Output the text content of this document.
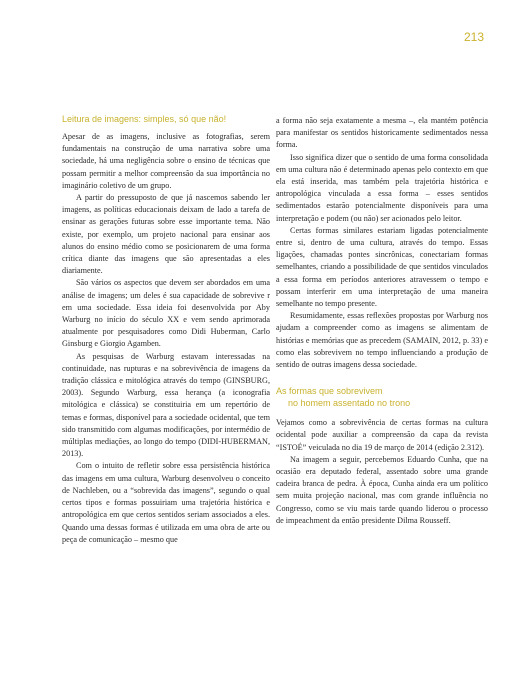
213
Leitura de imagens: simples, só que não!

Apesar de as imagens, inclusive as fotografias, serem fundamentais na construção de uma narrativa sobre uma sociedade, há uma negligência sobre o ensino de técnicas que possam permitir a melhor compreensão da sua importância no imaginário coletivo de um grupo.

A partir do pressuposto de que já nascemos sabendo ler imagens, as políticas educacionais deixam de lado a tarefa de ensinar as gerações futuras sobre esse importante tema. Não existe, por exemplo, um projeto nacional para ensinar aos alunos do ensino médio como se posicionarem de uma forma crítica diante das imagens que são apresentadas a eles diariamente.

São vários os aspectos que devem ser abordados em uma análise de imagens; um deles é sua capacidade de sobrevive r em uma sociedade. Essa ideia foi desenvolvida por Aby Warburg no início do século XX e vem sendo aprimorada atualmente por pesquisadores como Didi Huberman, Carlo Ginsburg e Giorgio Agamben.

As pesquisas de Warburg estavam interessadas na continuidade, nas rupturas e na sobrevivência de imagens da tradição clássica e mitológica através do tempo (GINSBURG, 2003). Segundo Warburg, essa herança (a iconografia mitológica e clássica) se constituiria em um repertório de temas e formas, disponível para a sociedade ocidental, que tem sido transmitido com algumas modificações, por intermédio de múltiplas mediações, ao longo do tempo (DIDI-HUBERMAN, 2013).

Com o intuito de refletir sobre essa persistência histórica das imagens em uma cultura, Warburg desenvolveu o conceito de Nachleben, ou a “sobrevida das imagens”, segundo o qual certos tipos e formas possuiriam uma trajetória histórica e antropológica em que certos sentidos seriam associados a eles. Quando uma dessas formas é utilizada em uma obra de arte ou peça de comunicação – mesmo que

a forma não seja exatamente a mesma –, ela mantém potência para manifestar os sentidos historicamente sedimentados nessa forma.

Isso significa dizer que o sentido de uma forma consolidada em uma cultura não é determinado apenas pelo contexto em que ela está inserida, mas também pela trajetória histórica e antropológica vinculada a essa forma – esses sentidos sedimentados estarão potencialmente disponíveis para uma interpretação e podem (ou não) ser acionados pelo leitor.

Certas formas similares estariam ligadas potencialmente entre si, dentro de uma cultura, através do tempo. Essas ligações, chamadas pontes sincrônicas, conectariam formas semelhantes, criando a possibilidade de que sentidos vinculados a essa forma em períodos anteriores atravessem o tempo e possam interferir em uma interpretação de uma maneira semelhante no tempo presente.

Resumidamente, essas reflexões propostas por Warburg nos ajudam a compreender como as imagens se alimentam de histórias e memórias que as precedem (SAMAIN, 2012, p. 33) e como elas sobrevivem no tempo influenciando a produção de sentido de outras imagens dessa sociedade.

As formas que sobrevivem
no homem assentado no trono

Vejamos como a sobrevivência de certas formas na cultura ocidental pode auxiliar a compreensão da capa da revista “ISTOÉ” veiculada no dia 19 de março de 2014 (edição 2.312).

Na imagem a seguir, percebemos Eduardo Cunha, que na ocasião era deputado federal, assentado sobre uma grande cadeira branca de pedra. À época, Cunha ainda era um político sem muita projeção nacional, mas com grande influência no Congresso, como se viu mais tarde quando liderou o processo de impeachment da então presidente Dilma Rousseff.
